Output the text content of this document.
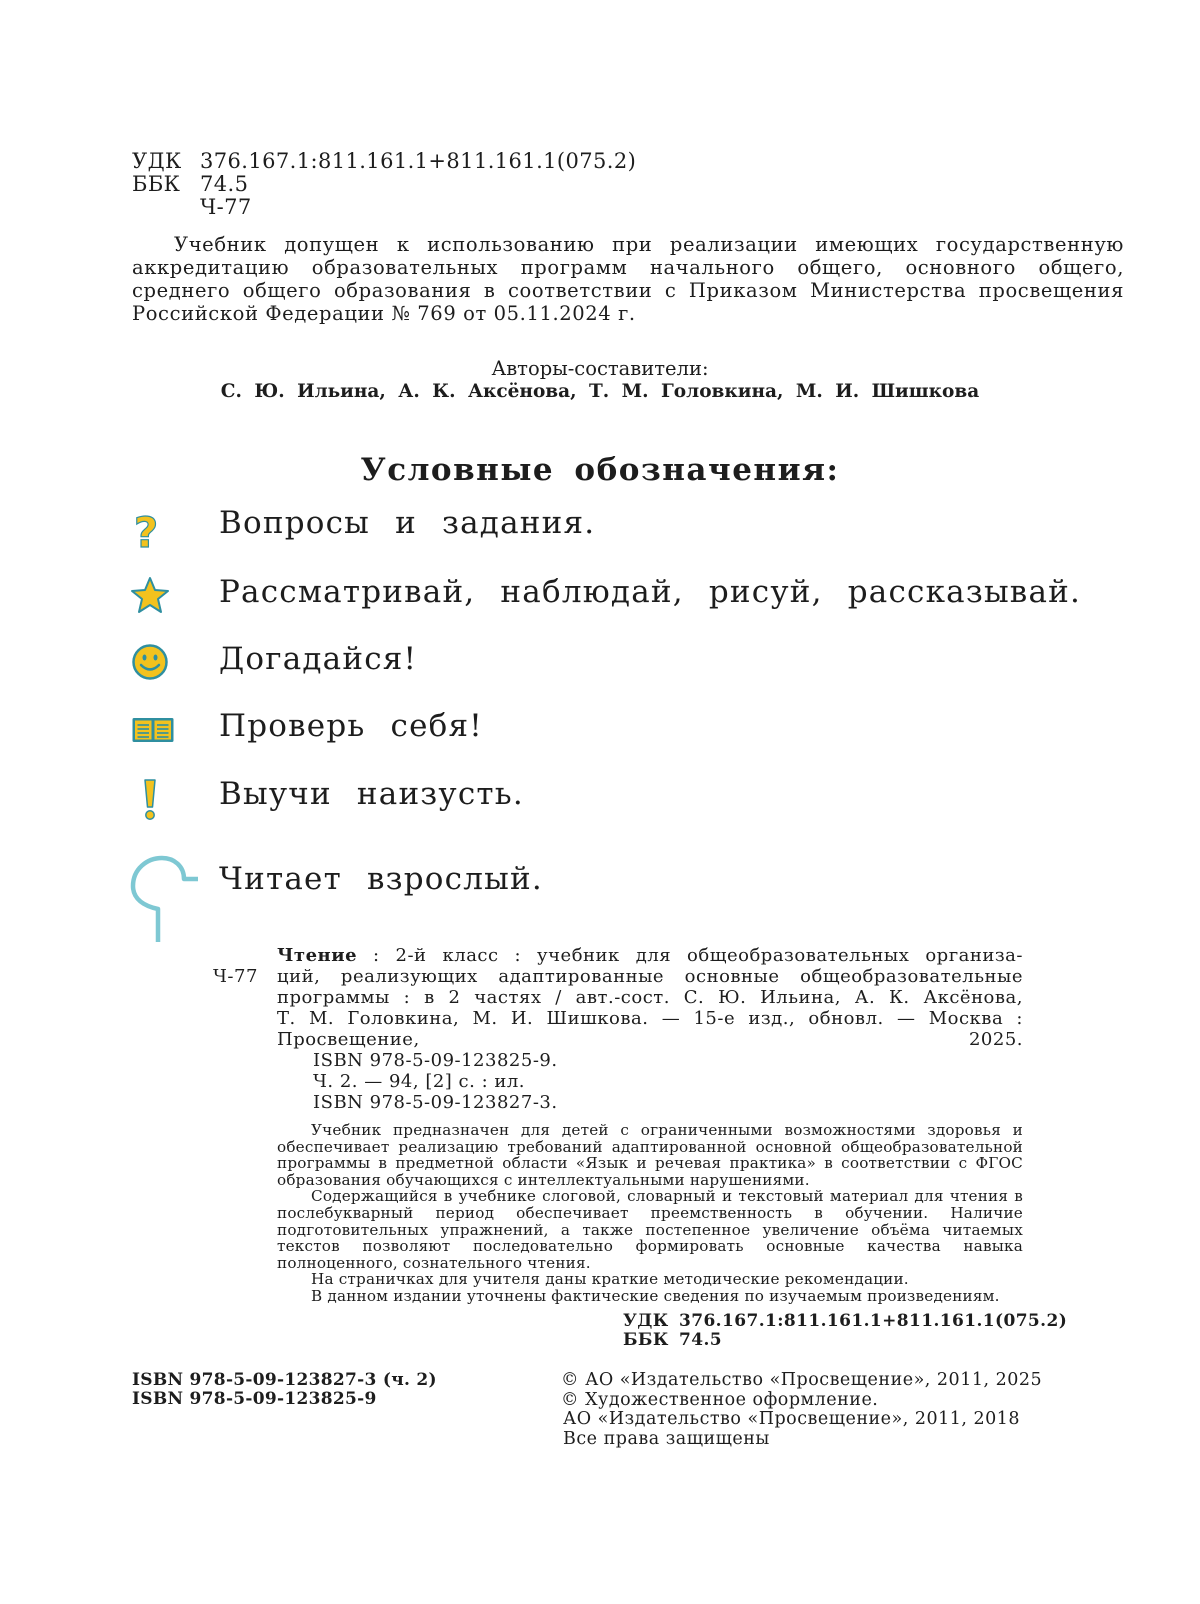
УДК 376.167.1:811.161.1+811.161.1(075.2)
ББК 74.5
Ч-77

Учебник допущен к использованию при реализации имеющих государственную аккредитацию образовательных программ начального общего, основного общего, среднего общего образования в соответствии с Приказом Министерства просвещения Российской Федерации № 769 от 05.11.2024 г.

Авторы-составители:
С. Ю. Ильина, А. К. Аксёнова, Т. М. Головкина, М. И. Шишкова
Условные обозначения:
? Вопросы и задания.
Рассматривай, наблюдай, рисуй, рассказывай.
Догадайся!
Проверь себя!
Выучи наизусть.
Читает взрослый.
Ч-77
Чтение : 2-й класс : учебник для общеобразовательных организа-
ций, реализующих адаптированные основные общеобразовательные
программы : в 2 частях / авт.-сост. С. Ю. Ильина, А. К. Аксёнова,
Т. М. Головкина, М. И. Шишкова. — 15-е изд., обновл. — Москва :
Просвещение, 2025.
ISBN 978-5-09-123825-9.
Ч. 2. — 94, [2] с. : ил.
ISBN 978-5-09-123827-3.

Учебник предназначен для детей с ограниченными возможностями здоровья и обеспечивает реализацию требований адаптированной основной общеобразовательной программы в предметной области «Язык и речевая практика» в соответствии с ФГОС образования обучающихся с интеллектуальными нарушениями.

Содержащийся в учебнике слоговой, словарный и текстовый материал для чтения в послебукварный период обеспечивает преемственность в обучении. Наличие подготовительных упражнений, а также постепенное увеличение объёма читаемых текстов позволяют последовательно формировать основные качества навыка полноценного, сознательного чтения.

На страничках для учителя даны краткие методические рекомендации.

В данном издании уточнены фактические сведения по изучаемым произведениям.

УДК 376.167.1:811.161.1+811.161.1(075.2)
ББК 74.5
ISBN 978-5-09-123827-3 (ч. 2)
ISBN 978-5-09-123825-9
© АО «Издательство «Просвещение», 2011, 2025
© Художественное оформление.
АО «Издательство «Просвещение», 2011, 2018
Все права защищены
